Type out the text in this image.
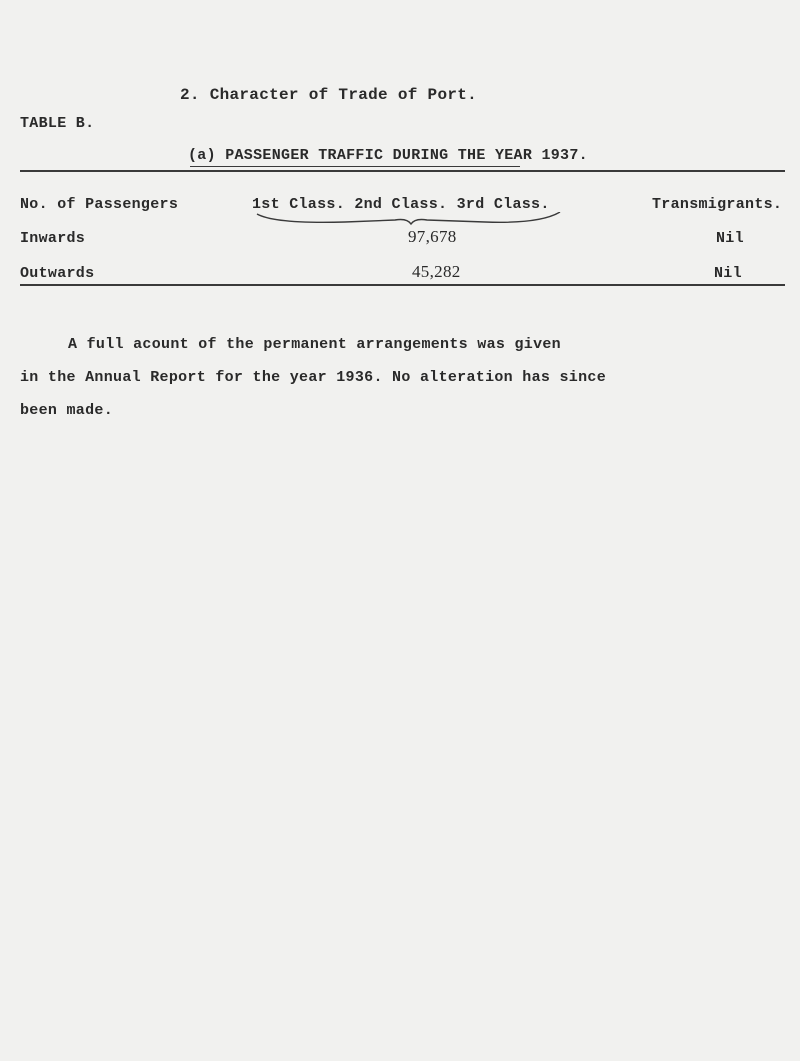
2. Character of Trade of Port.
TABLE B.
(a) PASSENGER TRAFFIC DURING THE YEAR 1937.
No. of Passengers	1st Class. 2nd Class. 3rd Class.	Transmigrants.
Inwards	97,678	Nil
Outwards	45,282	Nil
A full acount of the permanent arrangements was given
in the Annual Report for the year 1936. No alteration has since
been made.
